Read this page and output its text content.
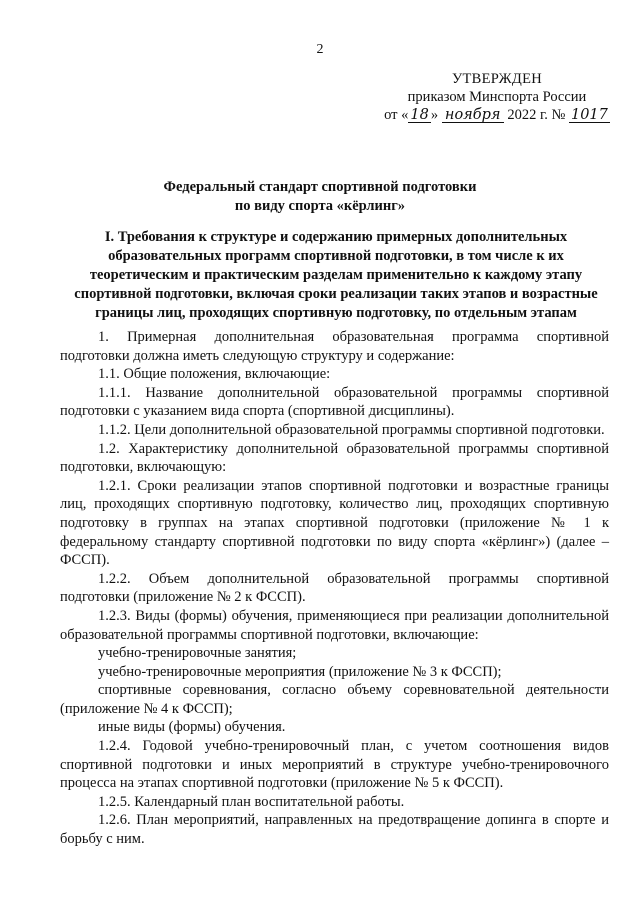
2
УТВЕРЖДЕН
приказом Минспорта России
от « 18 » ноября 2022 г. № 1017
Федеральный стандарт спортивной подготовки
по виду спорта «кёрлинг»
I. Требования к структуре и содержанию примерных дополнительных
образовательных программ спортивной подготовки, в том числе к их
теоретическим и практическим разделам применительно к каждому этапу
спортивной подготовки, включая сроки реализации таких этапов и возрастные
границы лиц, проходящих спортивную подготовку, по отдельным этапам

1. Примерная дополнительная образовательная программа спортивной подготовки должна иметь следующую структуру и содержание:

1.1. Общие положения, включающие:

1.1.1. Название дополнительной образовательной программы спортивной подготовки с указанием вида спорта (спортивной дисциплины).

1.1.2. Цели дополнительной образовательной программы спортивной подготовки.

1.2. Характеристику дополнительной образовательной программы спортивной подготовки, включающую:

1.2.1. Сроки реализации этапов спортивной подготовки и возрастные границы лиц, проходящих спортивную подготовку, количество лиц, проходящих спортивную подготовку в группах на этапах спортивной подготовки (приложение № 1 к федеральному стандарту спортивной подготовки по виду спорта «кёрлинг») (далее – ФССП).

1.2.2. Объем дополнительной образовательной программы спортивной подготовки (приложение № 2 к ФССП).

1.2.3. Виды (формы) обучения, применяющиеся при реализации дополнительной образовательной программы спортивной подготовки, включающие:

учебно-тренировочные занятия;

учебно-тренировочные мероприятия (приложение № 3 к ФССП);

спортивные соревнования, согласно объему соревновательной деятельности (приложение № 4 к ФССП);

иные виды (формы) обучения.

1.2.4. Годовой учебно-тренировочный план, с учетом соотношения видов спортивной подготовки и иных мероприятий в структуре учебно-тренировочного процесса на этапах спортивной подготовки (приложение № 5 к ФССП).

1.2.5. Календарный план воспитательной работы.

1.2.6. План мероприятий, направленных на предотвращение допинга в спорте и борьбу с ним.
